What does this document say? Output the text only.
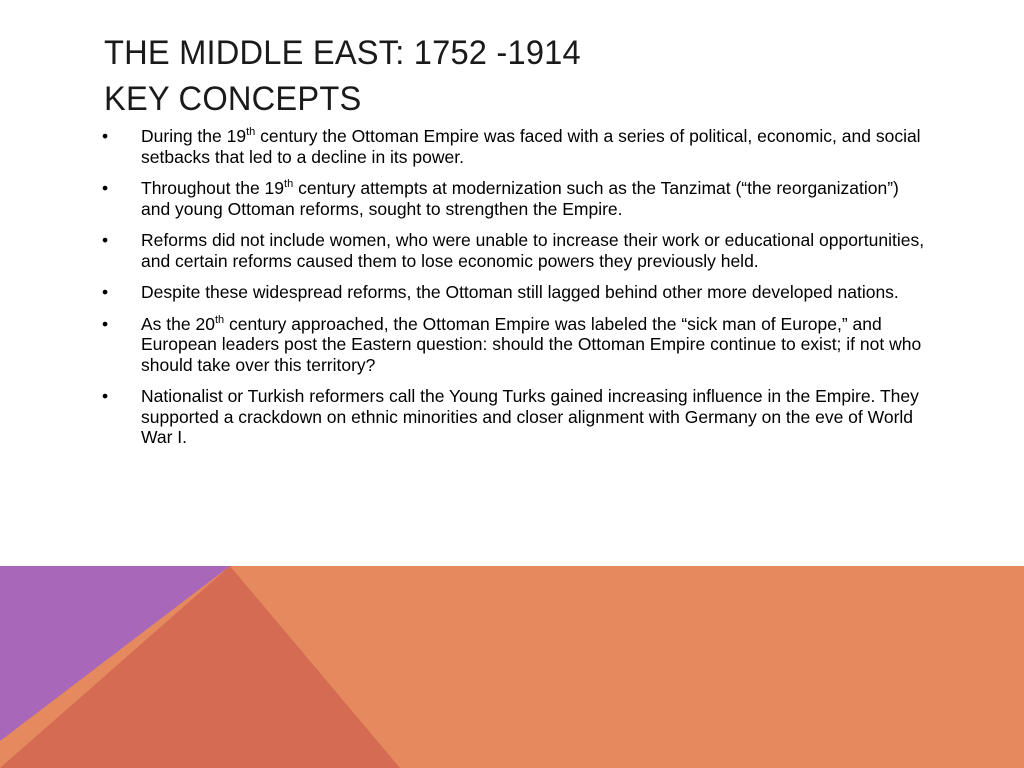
THE MIDDLE EAST: 1752 -1914
KEY CONCEPTS
•	During the 19th century the Ottoman Empire was faced with a series of political, economic, and social setbacks that led to a decline in its power.
•	Throughout the 19th century attempts at modernization such as the Tanzimat (“the reorganization”) and young Ottoman reforms, sought to strengthen the Empire.
•	Reforms did not include women, who were unable to increase their work or educational opportunities, and certain reforms caused them to lose economic powers they previously held.
•	Despite these widespread reforms, the Ottoman still lagged behind other more developed nations.
•	As the 20th century approached, the Ottoman Empire was labeled the “sick man of Europe,” and European leaders post the Eastern question: should the Ottoman Empire continue to exist; if not who should take over this territory?
•	Nationalist or Turkish reformers call the Young Turks gained increasing influence in the Empire. They supported a crackdown on ethnic minorities and closer alignment with Germany on the eve of World War I.
